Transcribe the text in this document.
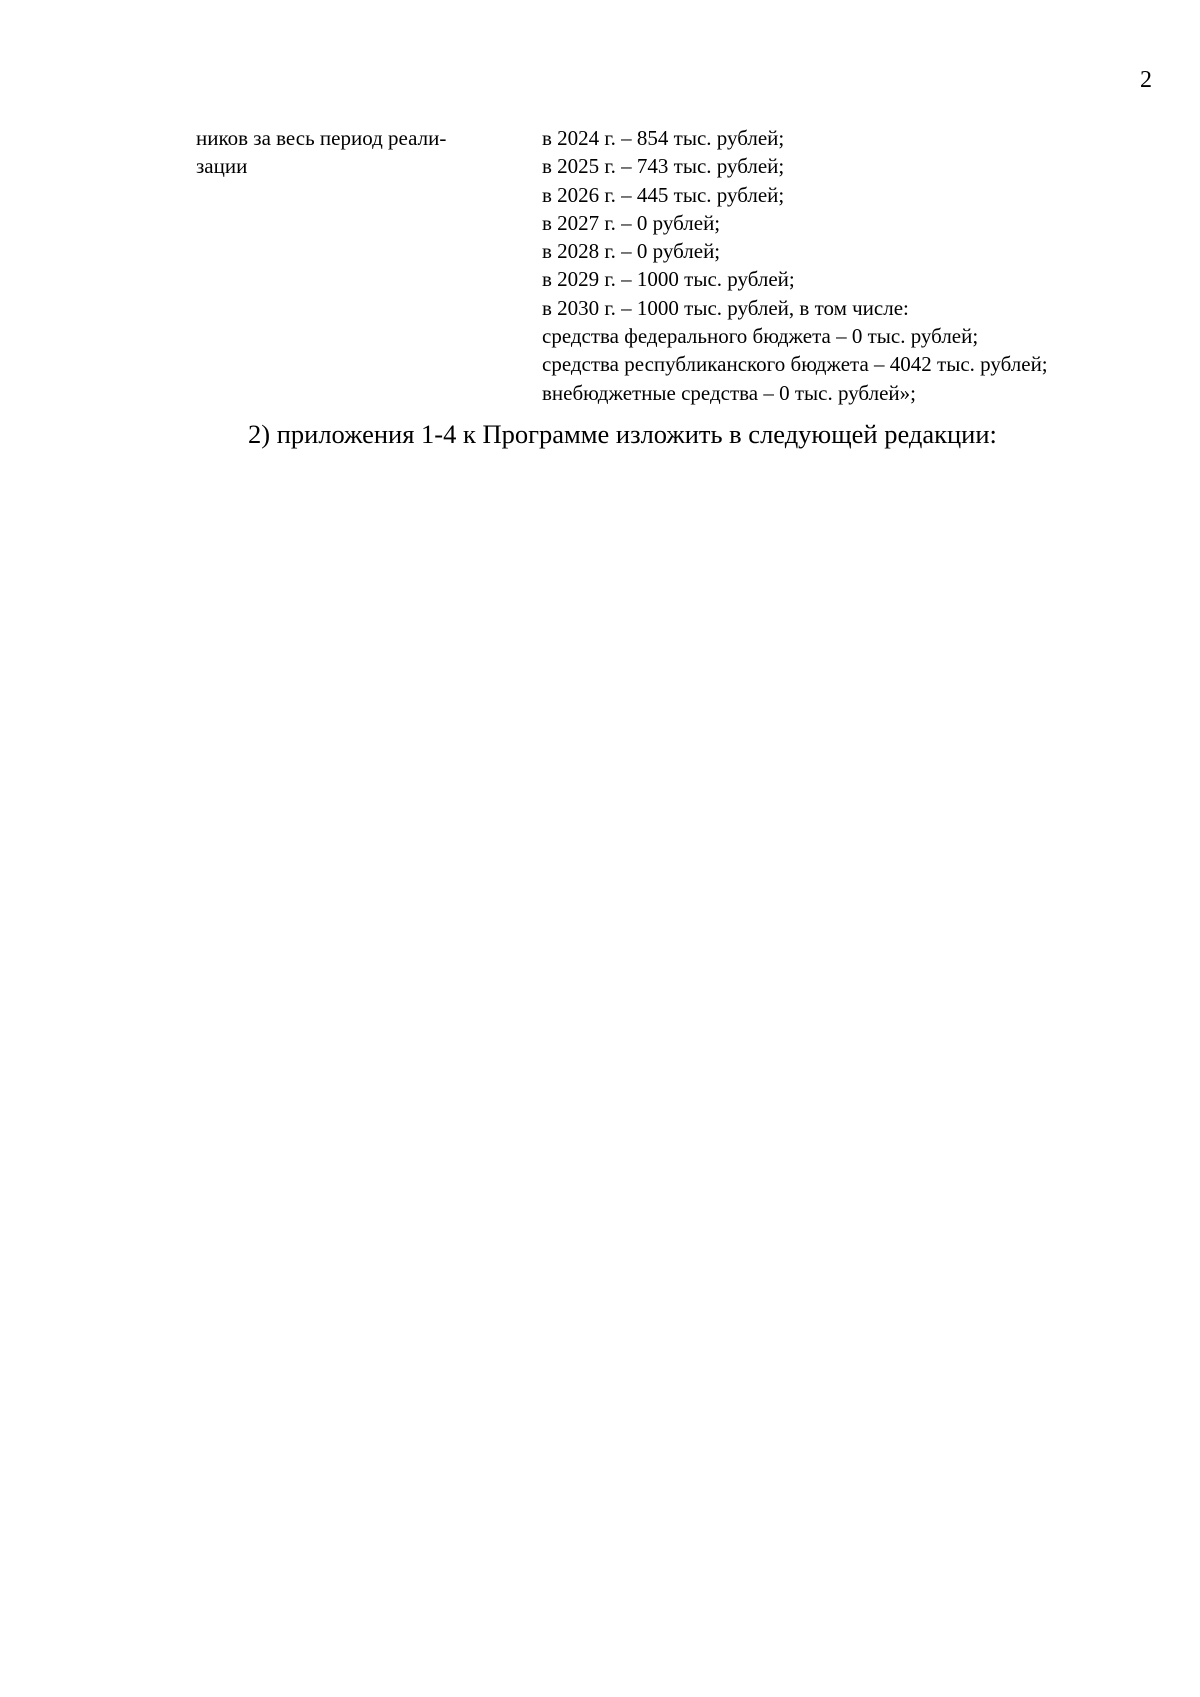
2
ников за весь период реали-
зации
в 2024 г. – 854 тыс. рублей;
в 2025 г. – 743 тыс. рублей;
в 2026 г. – 445 тыс. рублей;
в 2027 г. – 0 рублей;
в 2028 г. – 0 рублей;
в 2029 г. – 1000 тыс. рублей;
в 2030 г. – 1000 тыс. рублей, в том числе:
средства федерального бюджета – 0 тыс. рублей;
средства республиканского бюджета – 4042 тыс. рублей;
внебюджетные средства – 0 тыс. рублей»;
2) приложения 1-4 к Программе изложить в следующей редакции:
